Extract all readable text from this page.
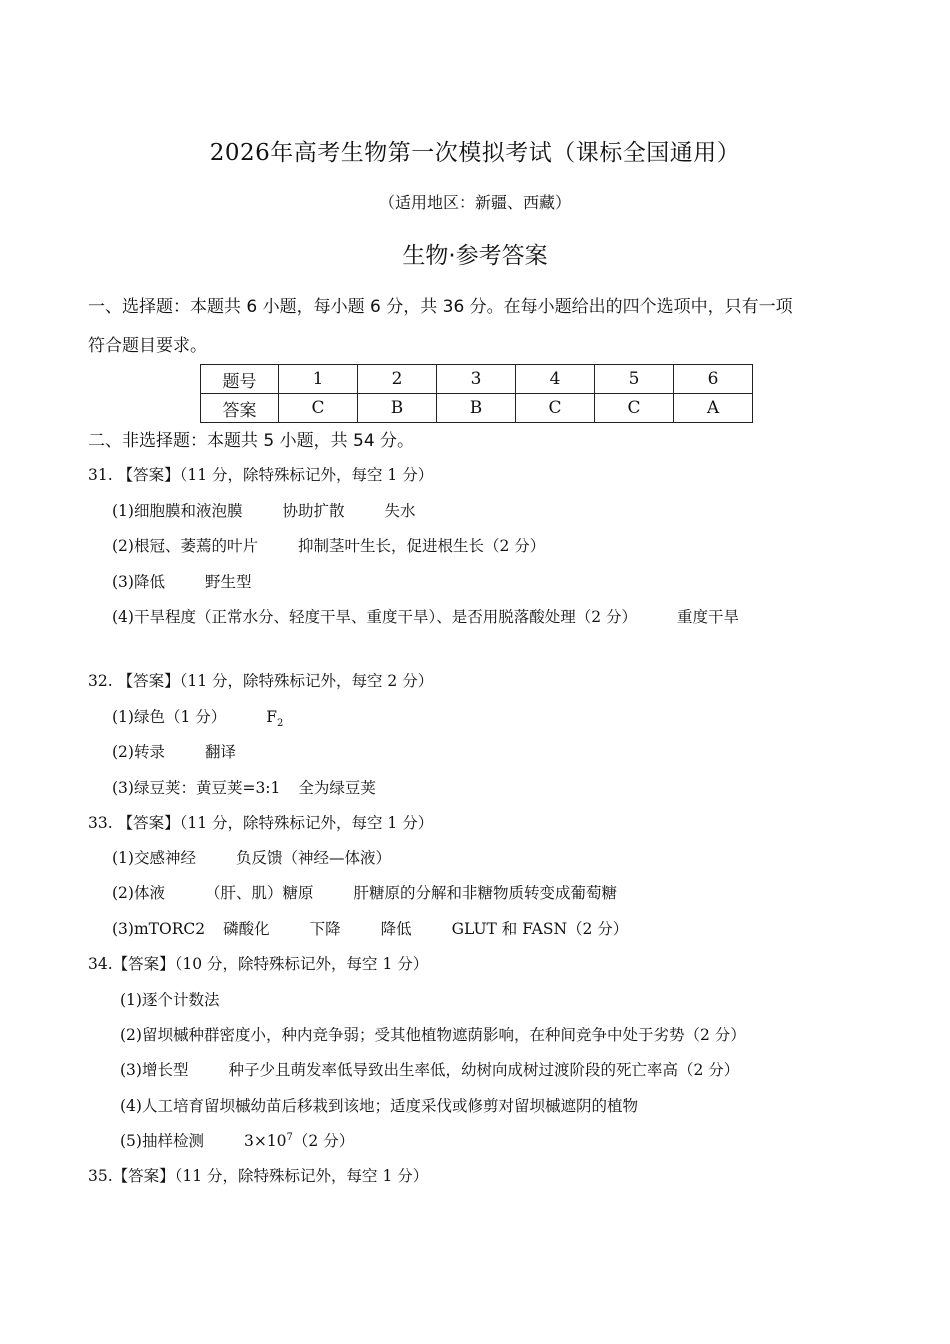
2026年高考生物第一次模拟考试（课标全国通用）
（适用地区：新疆、西藏）
生物·参考答案
一、选择题：本题共 6 小题，每小题 6 分，共 36 分。在每小题给出的四个选项中，只有一项
符合题目要求。
题号	1	2	3	4	5	6
答案	C	B	B	C	C	A
二、非选择题：本题共 5 小题，共 54 分。
31. 【答案】（11 分，除特殊标记外，每空 1 分）
(1)细胞膜和液泡膜	协助扩散	失水
(2)根冠、萎蔫的叶片	抑制茎叶生长，促进根生长（2 分）
(3)降低	野生型
(4)干旱程度（正常水分、轻度干旱、重度干旱）、是否用脱落酸处理（2 分）	重度干旱
32. 【答案】（11 分，除特殊标记外，每空 2 分）
(1)绿色（1 分）	$F_2$
(2)转录	翻译
(3)绿豆荚：黄豆荚=3:1 全为绿豆荚
33. 【答案】（11 分，除特殊标记外，每空 1 分）
(1)交感神经	负反馈（神经—体液）
(2)体液	（肝、肌）糖原	肝糖原的分解和非糖物质转变成葡萄糖
(3)mTORC2 磷酸化	下降	降低	GLUT 和 FASN（2 分）
34.【答案】（10 分，除特殊标记外，每空 1 分）
(1)逐个计数法
(2)留坝槭种群密度小，种内竞争弱；受其他植物遮荫影响，在种间竞争中处于劣势（2 分）
(3)增长型	种子少且萌发率低导致出生率低，幼树向成树过渡阶段的死亡率高（2 分）
(4)人工培育留坝槭幼苗后移栽到该地；适度采伐或修剪对留坝槭遮阴的植物
(5)抽样检测	$3\times 10^7(2$ 分）
35.【答案】（11 分，除特殊标记外，每空 1 分）
